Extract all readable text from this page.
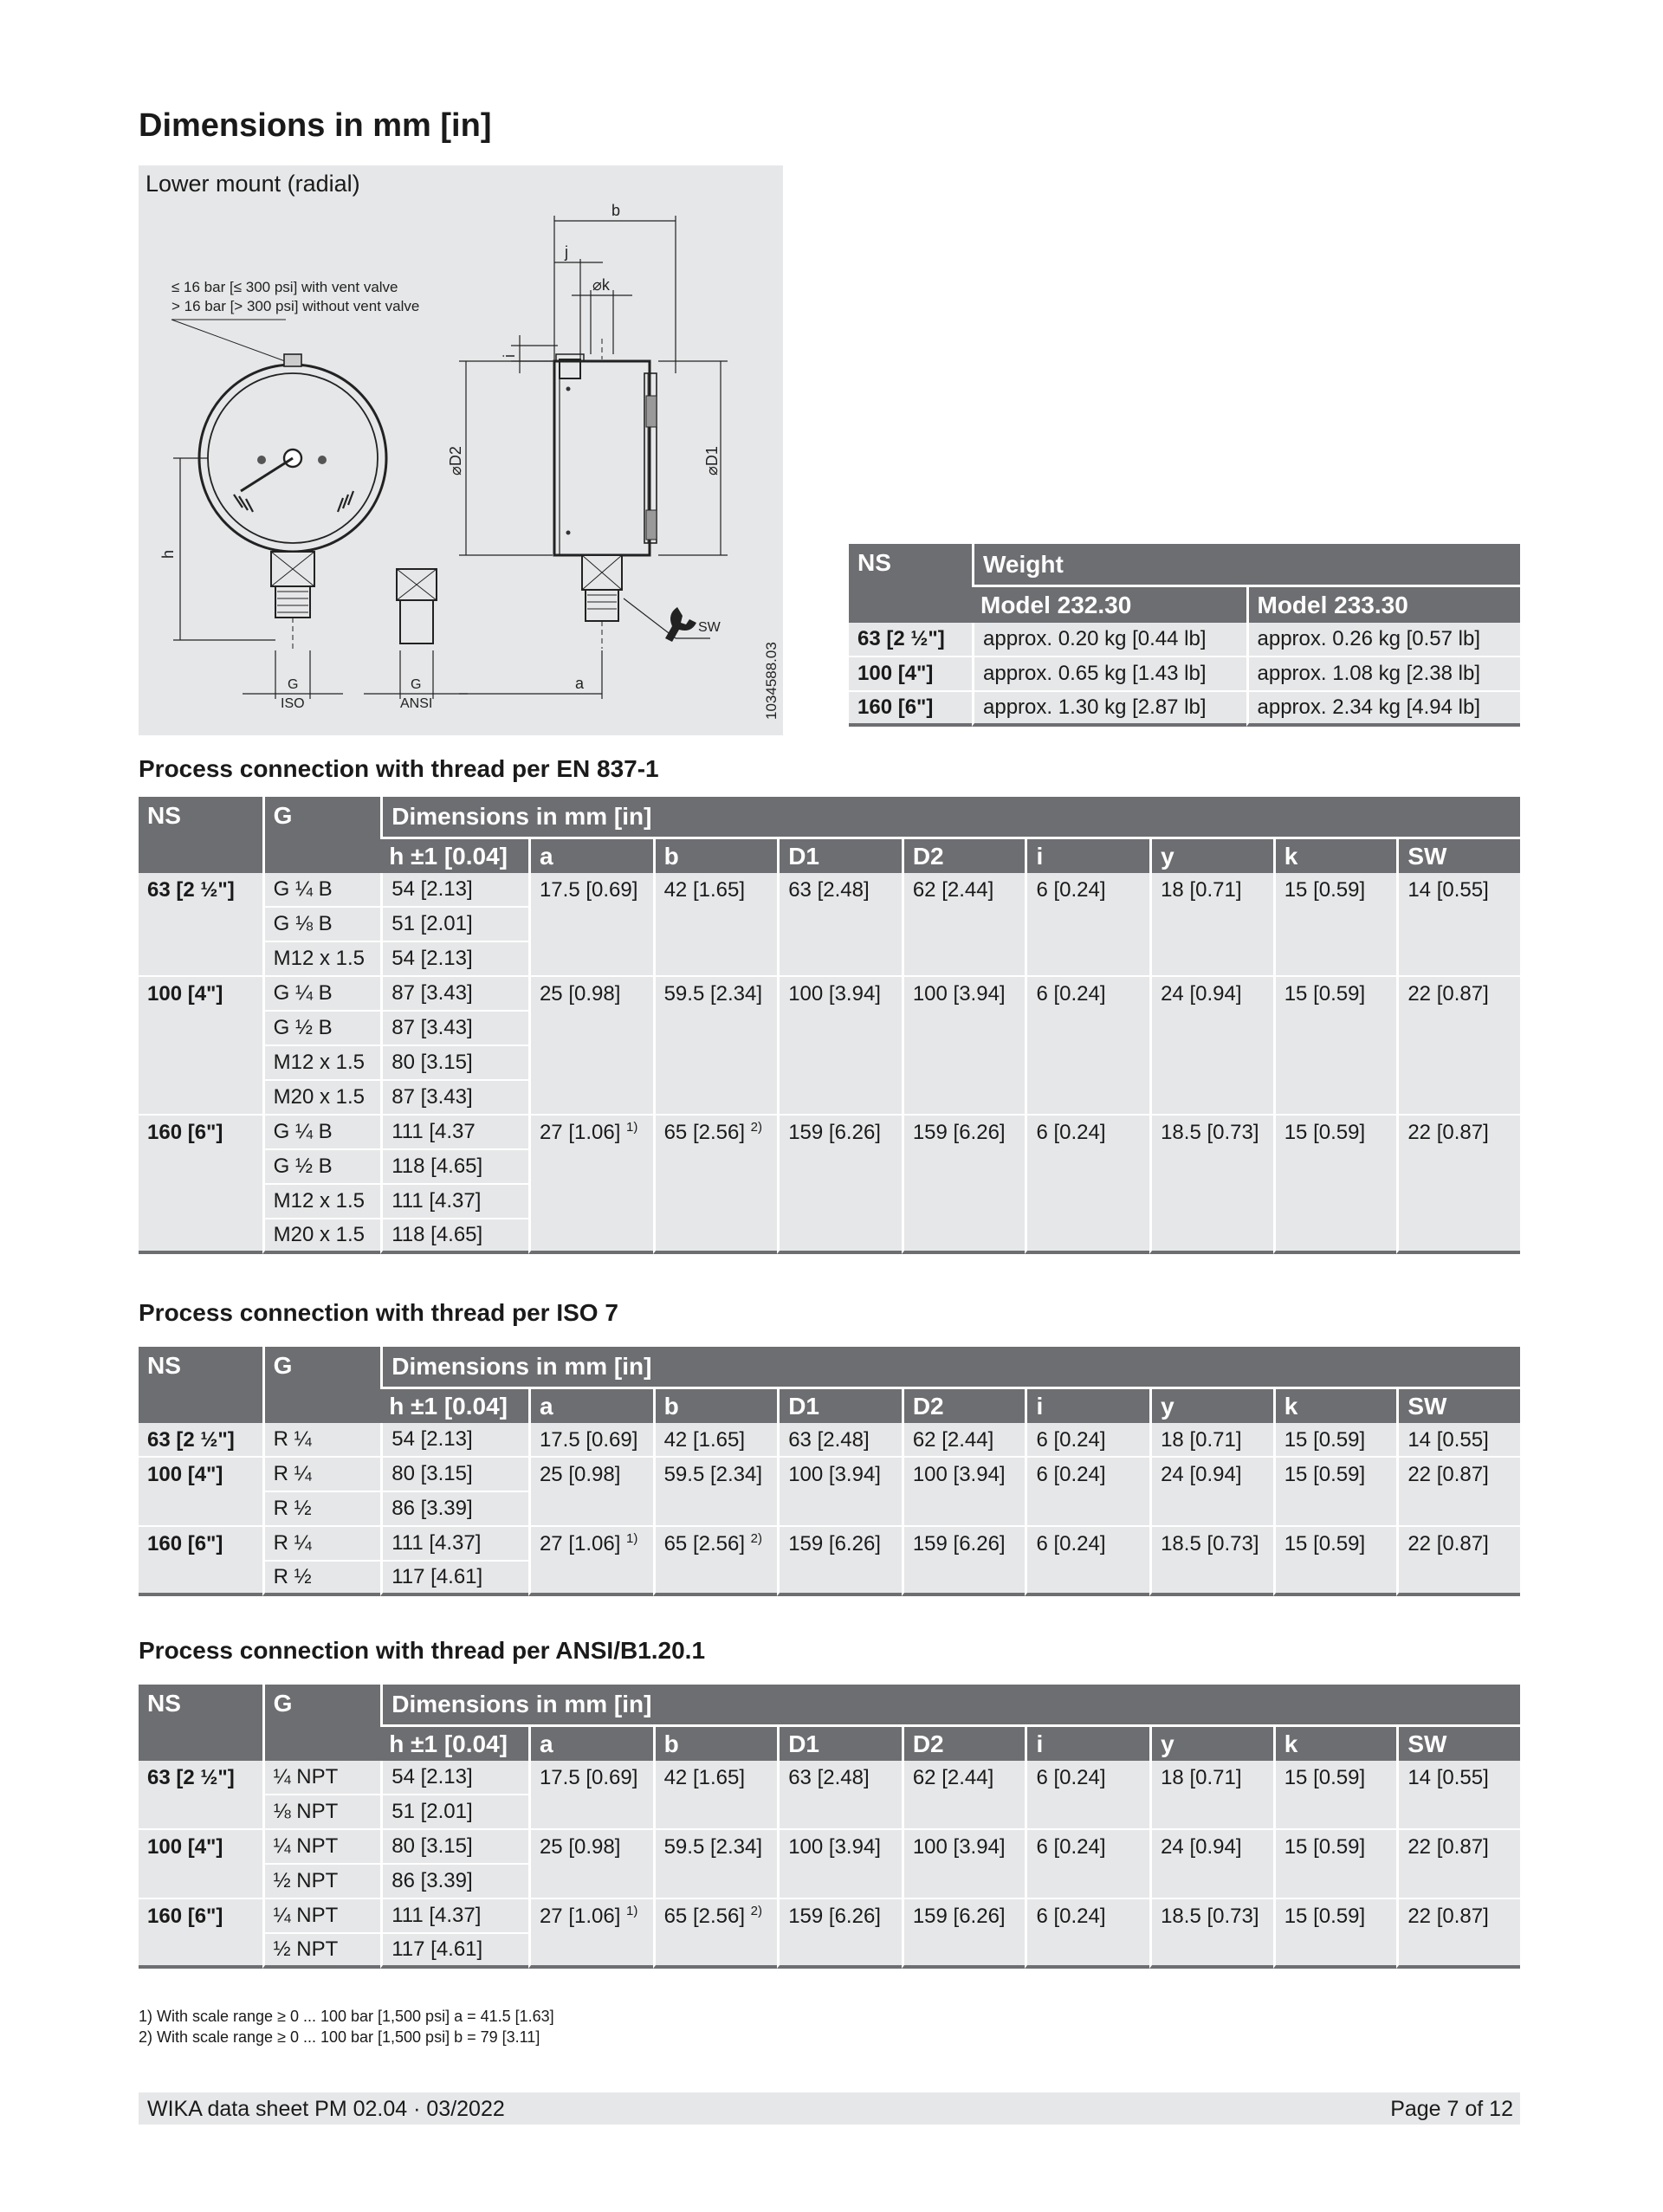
Dimensions in mm [in]
Lower mount (radial)
≤ 16 bar [≤ 300 psi] with vent valve
> 16 bar [> 300 psi] without vent valve
b
j
⌀k
i
⌀D2	⌀D1
h
SW
a
G
ISO
G
ANSI	1034588.03
NS	Weight	
	Model 232.30	Model 233.30
63 [2 ½"]	approx. 0.20 kg [0.44 lb]	approx. 0.26 kg [0.57 lb]
100 [4"]	approx. 0.65 kg [1.43 lb]	approx. 1.08 kg [2.38 lb]
160 [6"]	approx. 1.30 kg [2.87 lb]	approx. 2.34 kg [4.94 lb]
Process connection with thread per EN 837-1
Process connection with thread per ISO 7
Process connection with thread per ANSI/B1.20.1
NS	G	Dimensions in mm [in]								
		h ±1 [0.04]	a	b	D1	D2	i	y	k	SW
63 [2 ½"]	G ¼ B	54 [2.13]	17.5 [0.69]	42 [1.65]	63 [2.48]	62 [2.44]	6 [0.24]	18 [0.71]	15 [0.59]	14 [0.55]
	G ⅛ B	51 [2.01]								
	M12 x 1.5	54 [2.13]								
100 [4"]	G ¼ B	87 [3.43]	25 [0.98]	59.5 [2.34]	100 [3.94]	100 [3.94]	6 [0.24]	24 [0.94]	15 [0.59]	22 [0.87]
	G ½ B	87 [3.43]								
	M12 x 1.5	80 [3.15]								
	M20 x 1.5	87 [3.43]								
160 [6"]	G ¼ B	111 [4.37	27 [1.06] $^{1)}$	65 [2.56] $^{2)}$	159 [6.26]	159 [6.26]	6 [0.24]	18.5 [0.73]	15 [0.59]	22 [0.87]
	G ½ B	118 [4.65]								
	M12 x 1.5	111 [4.37]								
	M20 x 1.5	118 [4.65]								
NS	G	Dimensions in mm [in]								
		h ±1 [0.04]	a	b	D1	D2	i	y	k	SW
63 [2 ½"]	R ¼	54 [2.13]	17.5 [0.69]	42 [1.65]	63 [2.48]	62 [2.44]	6 [0.24]	18 [0.71]	15 [0.59]	14 [0.55]
100 [4"]	R ¼	80 [3.15]	25 [0.98]	59.5 [2.34]	100 [3.94]	100 [3.94]	6 [0.24]	24 [0.94]	15 [0.59]	22 [0.87]
	R ½	86 [3.39]								
160 [6"]	R ¼	111 [4.37]	27 [1.06] $^{1)}$	65 [2.56] $^{2)}$	159 [6.26]	159 [6.26]	6 [0.24]	18.5 [0.73]	15 [0.59]	22 [0.87]
	R ½	117 [4.61]								
NS	G	Dimensions in mm [in]								
		h ±1 [0.04]	a	b	D1	D2	i	y	k	SW
63 [2 ½"]	¼ NPT	54 [2.13]	17.5 [0.69]	42 [1.65]	63 [2.48]	62 [2.44]	6 [0.24]	18 [0.71]	15 [0.59]	14 [0.55]
	⅛ NPT	51 [2.01]								
100 [4"]	¼ NPT	80 [3.15]	25 [0.98]	59.5 [2.34]	100 [3.94]	100 [3.94]	6 [0.24]	24 [0.94]	15 [0.59]	22 [0.87]
	½ NPT	86 [3.39]								
160 [6"]	¼ NPT	111 [4.37]	27 [1.06] $^{1)}$	65 [2.56] $^{2)}$	159 [6.26]	159 [6.26]	6 [0.24]	18.5 [0.73]	15 [0.59]	22 [0.87]
	½ NPT	117 [4.61]								
1) With scale range ≥ 0 ... 100 bar [1,500 psi] a = 41.5 [1.63]
2) With scale range ≥ 0 ... 100 bar [1,500 psi] b = 79 [3.11]
WIKA data sheet PM 02.04 · 03/2022	Page 7 of 12
